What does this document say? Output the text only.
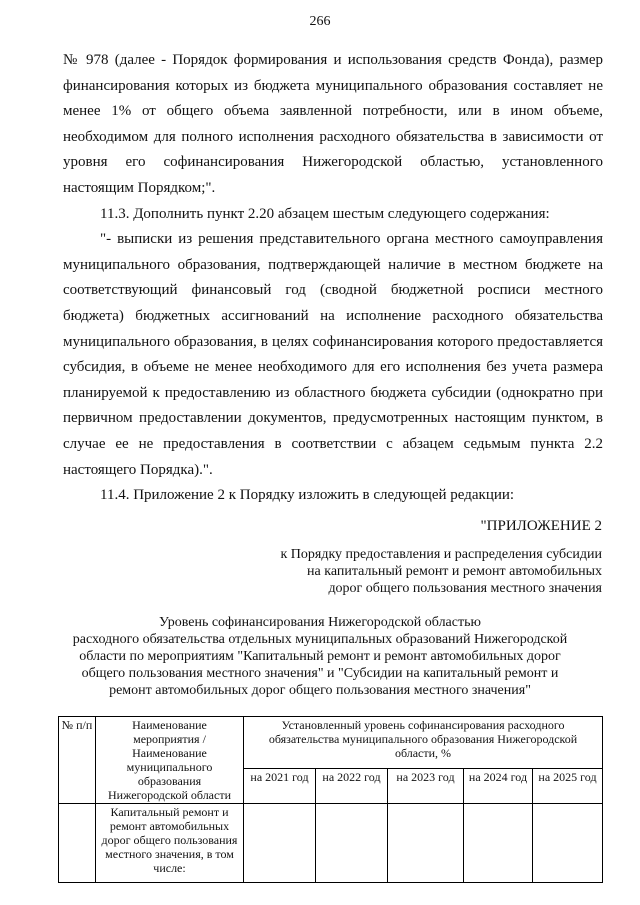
266

№ 978 (далее - Порядок формирования и использования средств Фонда), размер финансирования которых из бюджета муниципального образования составляет не менее 1% от общего объема заявленной потребности, или в ином объеме, необходимом для полного исполнения расходного обязательства в зависимости от уровня его софинансирования Нижегородской областью, установленного настоящим Порядком;".

11.3. Дополнить пункт 2.20 абзацем шестым следующего содержания:

"- выписки из решения представительного органа местного самоуправления муниципального образования, подтверждающей наличие в местном бюджете на соответствующий финансовый год (сводной бюджетной росписи местного бюджета) бюджетных ассигнований на исполнение расходного обязательства муниципального образования, в целях софинансирования которого предоставляется субсидия, в объеме не менее необходимого для его исполнения без учета размера планируемой к предоставлению из областного бюджета субсидии (однократно при первичном предоставлении документов, предусмотренных настоящим пунктом, в случае ее не предоставления в соответствии с абзацем седьмым пункта 2.2 настоящего Порядка).".

11.4. Приложение 2 к Порядку изложить в следующей редакции:

"ПРИЛОЖЕНИЕ 2
к Порядку предоставления и распределения субсидии
на капитальный ремонт и ремонт автомобильных
дорог общего пользования местного значения
Уровень софинансирования Нижегородской областью
расходного обязательства отдельных муниципальных образований Нижегородской
области по мероприятиям "Капитальный ремонт и ремонт автомобильных дорог
общего пользования местного значения" и "Субсидии на капитальный ремонт и
ремонт автомобильных дорог общего пользования местного значения"
№ п/п	Наименование мероприятия / Наименование муниципального образования Нижегородской области	Установленный уровень софинансирования расходного обязательства муниципального образования Нижегородской области, %				
		на 2021 год	на 2022 год	на 2023 год	на 2024 год	на 2025 год
	Капитальный ремонт и ремонт автомобильных дорог общего пользования местного значения, в том числе:					
